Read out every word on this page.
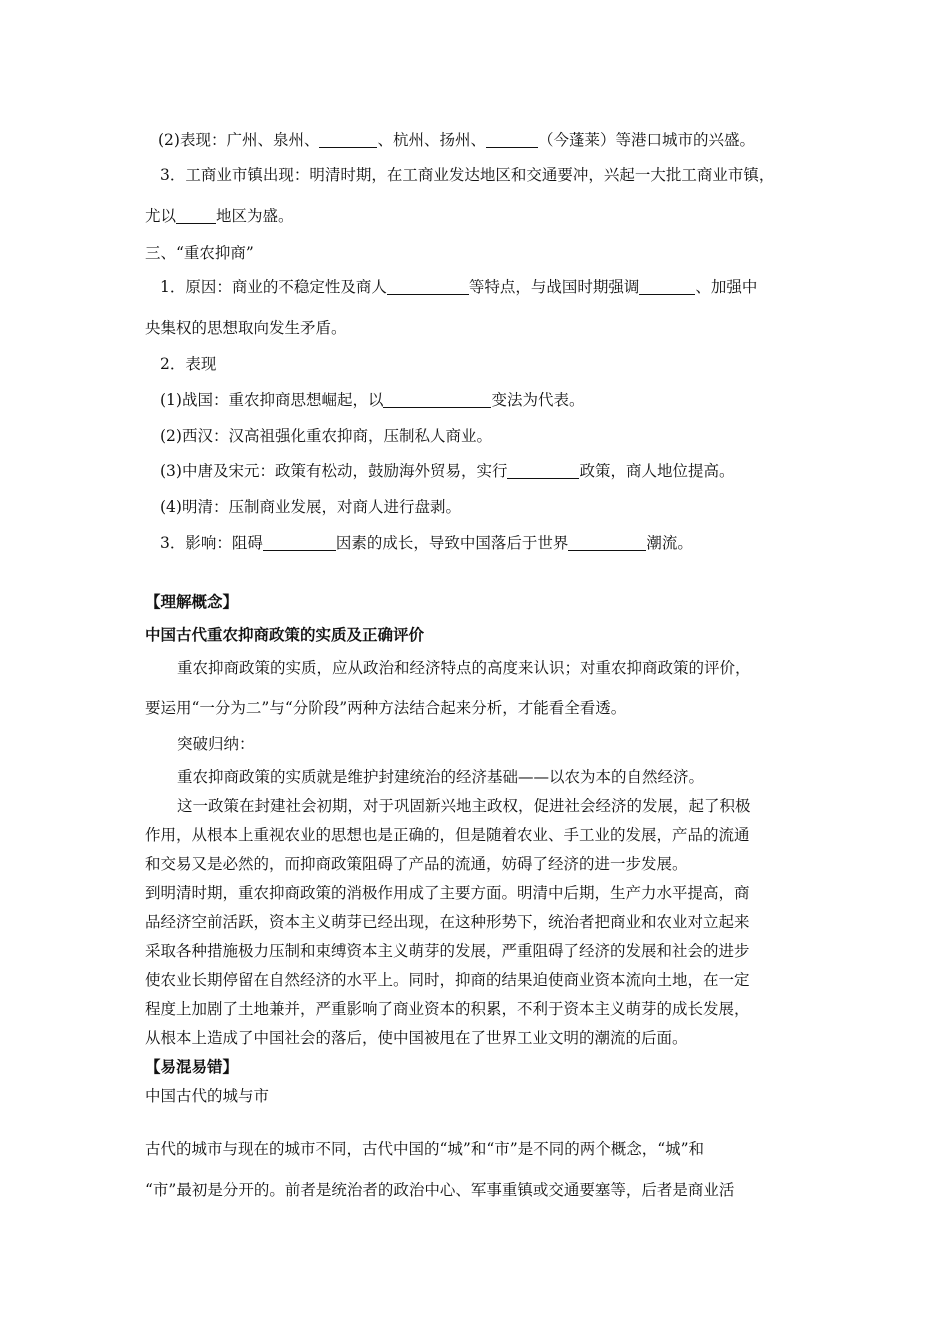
(2)表现：广州、泉州、	、杭州、扬州、	（今蓬莱）等港口城市的兴盛。
3．工商业市镇出现：明清时期，在工商业发达地区和交通要冲，兴起一大批工商业市镇，
尤以	地区为盛。
三、“重农抑商”
1．原因：商业的不稳定性及商人	等特点，与战国时期强调	、加强中
央集权的思想取向发生矛盾。
2．表现
(1)战国：重农抑商思想崛起，以	变法为代表。
(2)西汉：汉高祖强化重农抑商，压制私人商业。
(3)中唐及宋元：政策有松动，鼓励海外贸易，实行	政策，商人地位提高。
(4)明清：压制商业发展，对商人进行盘剥。
3．影响：阻碍	因素的成长，导致中国落后于世界	潮流。
【理解概念】
中国古代重农抑商政策的实质及正确评价
重农抑商政策的实质，应从政治和经济特点的高度来认识；对重农抑商政策的评价，
要运用“一分为二”与“分阶段”两种方法结合起来分析，才能看全看透。
突破归纳：
重农抑商政策的实质就是维护封建统治的经济基础——以农为本的自然经济。
这一政策在封建社会初期，对于巩固新兴地主政权，促进社会经济的发展，起了积极
作用，从根本上重视农业的思想也是正确的，但是随着农业、手工业的发展，产品的流通
和交易又是必然的，而抑商政策阻碍了产品的流通，妨碍了经济的进一步发展。
到明清时期，重农抑商政策的消极作用成了主要方面。明清中后期，生产力水平提高，商
品经济空前活跃，资本主义萌芽已经出现，在这种形势下，统治者把商业和农业对立起来
采取各种措施极力压制和束缚资本主义萌芽的发展，严重阻碍了经济的发展和社会的进步
使农业长期停留在自然经济的水平上。同时，抑商的结果迫使商业资本流向土地，在一定
程度上加剧了土地兼并，严重影响了商业资本的积累，不利于资本主义萌芽的成长发展，
从根本上造成了中国社会的落后，使中国被甩在了世界工业文明的潮流的后面。
【易混易错】
中国古代的城与市
古代的城市与现在的城市不同，古代中国的“城”和“市”是不同的两个概念，“城”和
“市”最初是分开的。前者是统治者的政治中心、军事重镇或交通要塞等，后者是商业活
